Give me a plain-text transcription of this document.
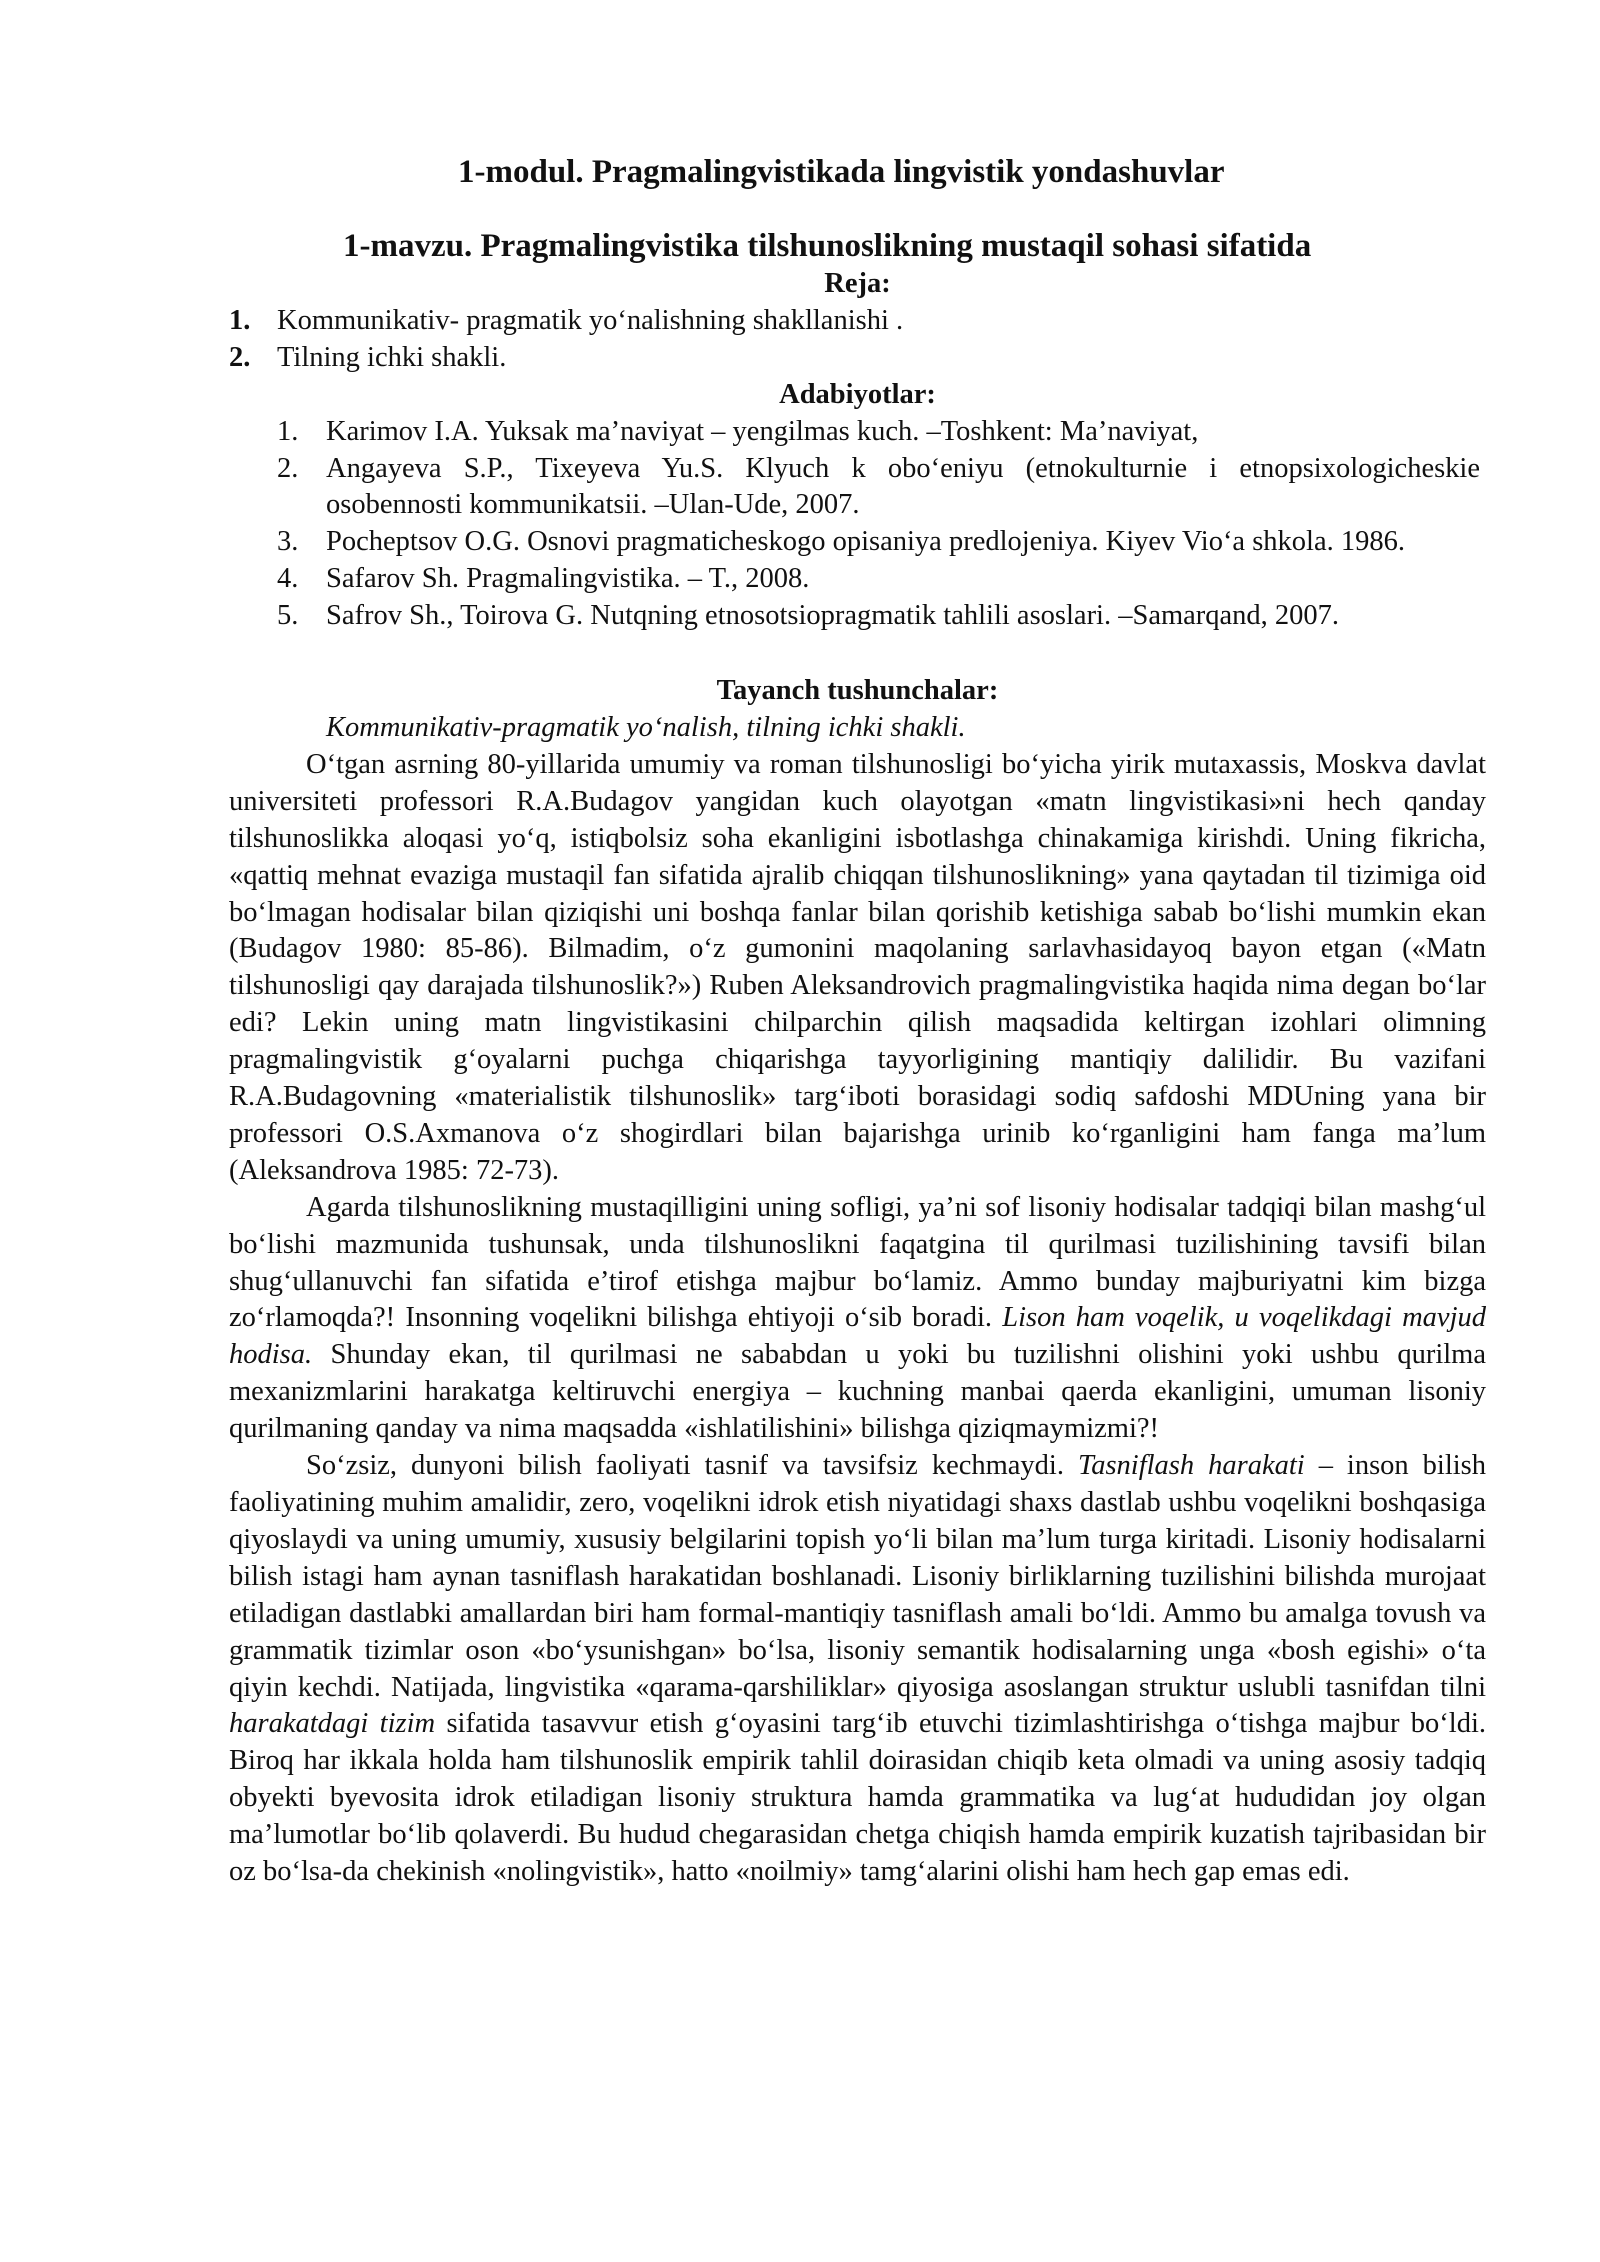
1-modul. Pragmalingvistikada lingvistik yondashuvlar
1-mavzu. Pragmalingvistika tilshunoslikning mustaqil sohasi sifatida
Reja:
1. Kommunikativ- pragmatik yo‘nalishning shakllanishi .
2. Tilning ichki shakli.
Adabiyotlar:
1. Karimov I.A. Yuksak ma’naviyat – yengilmas kuch. –Toshkent: Ma’naviyat,
2. Angayeva S.P., Tixeyeva Yu.S. Klyuch k obo‘eniyu (etnokulturnie i etnopsixologicheskie osobennosti kommunikatsii. –Ulan-Ude, 2007.
3. Pocheptsov O.G. Osnovi pragmaticheskogo opisaniya predlojeniya. Kiyev Vio‘a shkola. 1986.
4. Safarov Sh. Pragmalingvistika. – T., 2008.
5. Safrov Sh., Toirova G. Nutqning etnosotsiopragmatik tahlili asoslari. –Samarqand, 2007.
Tayanch tushunchalar:

Kommunikativ-pragmatik yo‘nalish, tilning ichki shakli.

O‘tgan asrning 80-yillarida umumiy va roman tilshunosligi bo‘yicha yirik mutaxassis, Moskva davlat universiteti professori R.A.Budagov yangidan kuch olayotgan «matn lingvistikasi»ni hech qanday tilshunoslikka aloqasi yo‘q, istiqbolsiz soha ekanligini isbotlashga chinakamiga kirishdi. Uning fikricha, «qattiq mehnat evaziga mustaqil fan sifatida ajralib chiqqan tilshunoslikning» yana qaytadan til tizimiga oid bo‘lmagan hodisalar bilan qiziqishi uni boshqa fanlar bilan qorishib ketishiga sabab bo‘lishi mumkin ekan (Budagov 1980: 85-86). Bilmadim, o‘z gumonini maqolaning sarlavhasidayoq bayon etgan («Matn tilshunosligi qay darajada tilshunoslik?») Ruben Aleksandrovich pragmalingvistika haqida nima degan bo‘lar edi? Lekin uning matn lingvistikasini chilparchin qilish maqsadida keltirgan izohlari olimning pragmalingvistik g‘oyalarni puchga chiqarishga tayyorligining mantiqiy dalilidir. Bu vazifani R.A.Budagovning «materialistik tilshunoslik» targ‘iboti borasidagi sodiq safdoshi MDUning yana bir professori O.S.Axmanova o‘z shogirdlari bilan bajarishga urinib ko‘rganligini ham fanga ma’lum (Aleksandrova 1985: 72-73).

Agarda tilshunoslikning mustaqilligini uning sofligi, ya’ni sof lisoniy hodisalar tadqiqi bilan mashg‘ul bo‘lishi mazmunida tushunsak, unda tilshunoslikni faqatgina til qurilmasi tuzilishining tavsifi bilan shug‘ullanuvchi fan sifatida e’tirof etishga majbur bo‘lamiz. Ammo bunday majburiyatni kim bizga zo‘rlamoqda?! Insonning voqelikni bilishga ehtiyoji o‘sib boradi. Lison ham voqelik, u voqelikdagi mavjud hodisa. Shunday ekan, til qurilmasi ne sababdan u yoki bu tuzilishni olishini yoki ushbu qurilma mexanizmlarini harakatga keltiruvchi energiya – kuchning manbai qaerda ekanligini, umuman lisoniy qurilmaning qanday va nima maqsadda «ishlatilishini» bilishga qiziqmaymizmi?!

So‘zsiz, dunyoni bilish faoliyati tasnif va tavsifsiz kechmaydi. Tasniflash harakati – inson bilish faoliyatining muhim amalidir, zero, voqelikni idrok etish niyatidagi shaxs dastlab ushbu voqelikni boshqasiga qiyoslaydi va uning umumiy, xususiy belgilarini topish yo‘li bilan ma’lum turga kiritadi. Lisoniy hodisalarni bilish istagi ham aynan tasniflash harakatidan boshlanadi. Lisoniy birliklarning tuzilishini bilishda murojaat etiladigan dastlabki amallardan biri ham formal-mantiqiy tasniflash amali bo‘ldi. Ammo bu amalga tovush va grammatik tizimlar oson «bo‘ysunishgan» bo‘lsa, lisoniy semantik hodisalarning unga «bosh egishi» o‘ta qiyin kechdi. Natijada, lingvistika «qarama-qarshiliklar» qiyosiga asoslangan struktur uslubli tasnifdan tilni harakatdagi tizim sifatida tasavvur etish g‘oyasini targ‘ib etuvchi tizimlashtirishga o‘tishga majbur bo‘ldi. Biroq har ikkala holda ham tilshunoslik empirik tahlil doirasidan chiqib keta olmadi va uning asosiy tadqiq obyekti byevosita idrok etiladigan lisoniy struktura hamda grammatika va lug‘at hududidan joy olgan ma’lumotlar bo‘lib qolaverdi. Bu hudud chegarasidan chetga chiqish hamda empirik kuzatish tajribasidan bir oz bo‘lsa-da chekinish «nolingvistik», hatto «noilmiy» tamg‘alarini olishi ham hech gap emas edi.
